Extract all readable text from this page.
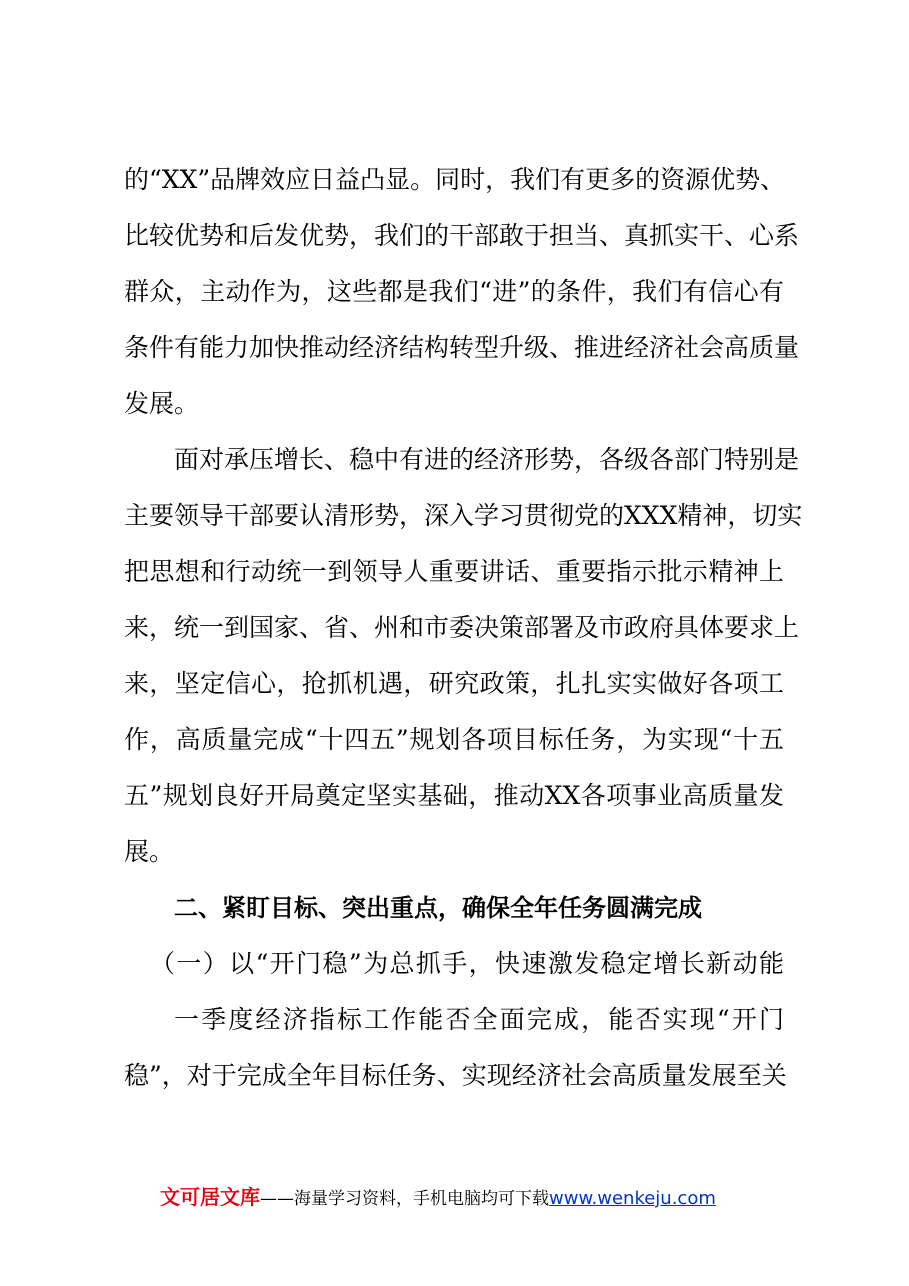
的“XX”品牌效应日益凸显。同时，我们有更多的资源优势、
比较优势和后发优势，我们的干部敢于担当、真抓实干、心系
群众，主动作为，这些都是我们“进”的条件，我们有信心有
条件有能力加快推动经济结构转型升级、推进经济社会高质量
发展。
面对承压增长、稳中有进的经济形势，各级各部门特别是
主要领导干部要认清形势，深入学习贯彻党的XXX精神，切实
把思想和行动统一到领导人重要讲话、重要指示批示精神上
来，统一到国家、省、州和市委决策部署及市政府具体要求上
来，坚定信心，抢抓机遇，研究政策，扎扎实实做好各项工
作，高质量完成“十四五”规划各项目标任务，为实现“十五
五”规划良好开局奠定坚实基础，推动XX各项事业高质量发
展。
二、紧盯目标、突出重点，确保全年任务圆满完成
（一）以“开门稳”为总抓手，快速激发稳定增长新动能
一季度经济指标工作能否全面完成，能否实现“开门
稳”，对于完成全年目标任务、实现经济社会高质量发展至关
文可居文库——海量学习资料，手机电脑均可下载www.wenkeju.com
